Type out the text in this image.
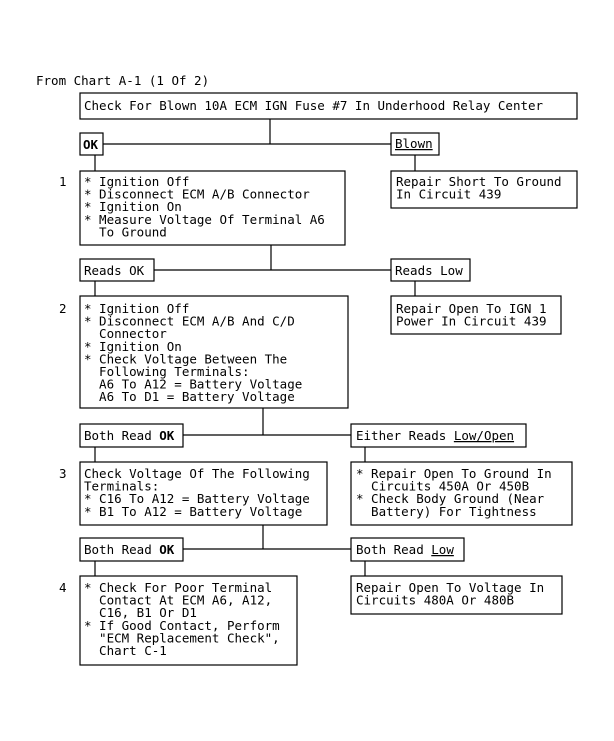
From Chart A-1 (1 Of 2)
Check For Blown 10A ECM IGN Fuse #7 In Underhood Relay Center
OK	Blown
1 * Ignition Off
* Disconnect ECM A/B Connector
* Ignition On
* Measure Voltage Of Terminal A6
To Ground
Repair Short To Ground
In Circuit 439
Reads OK	Reads Low
2 * Ignition Off
* Disconnect ECM A/B And C/D
Connector
* Ignition On
* Check Voltage Between The
Following Terminals:
A6 To A12 = Battery Voltage
A6 To D1 = Battery Voltage
Repair Open To IGN 1
Power In Circuit 439
Both Read OK	Either Reads Low/Open
3 Check Voltage Of The Following
Terminals:
* C16 To A12 = Battery Voltage
* B1 To A12 = Battery Voltage
* Repair Open To Ground In
Circuits 450A Or 450B
* Check Body Ground (Near
Battery) For Tightness
Both Read OK	Both Read Low
4 * Check For Poor Terminal
Contact At ECM A6, A12,
C16, B1 Or D1
* If Good Contact, Perform
"ECM Replacement Check",
Chart C-1
Repair Open To Voltage In
Circuits 480A Or 480B
